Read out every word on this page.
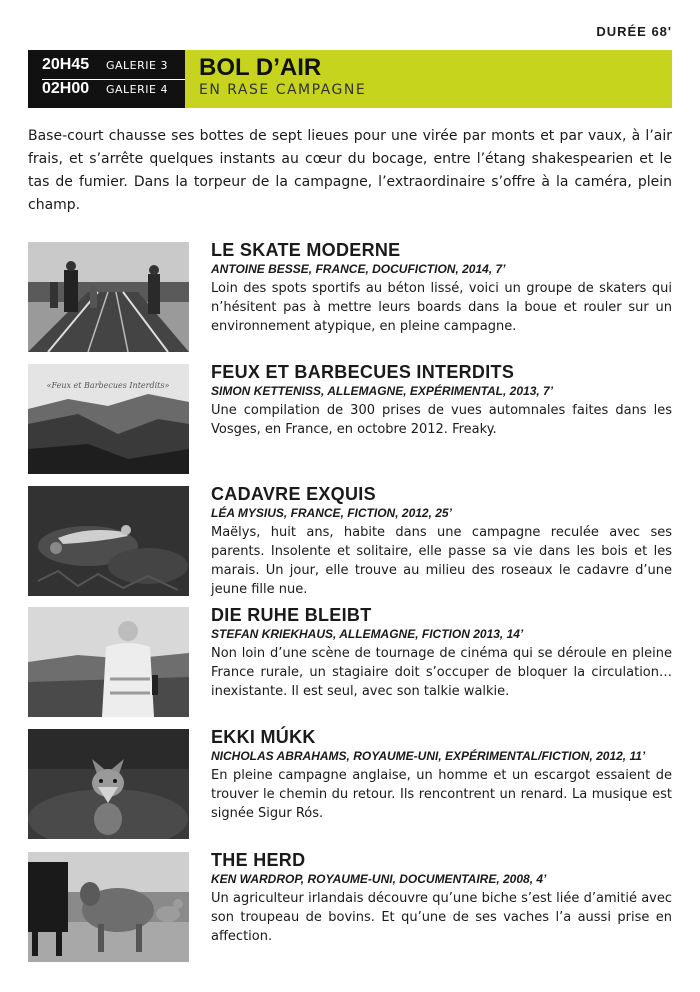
DURÉE 68'
20H45	GALERIE 3
02H00	GALERIE 4
BOL D’AIR
EN RASE CAMPAGNE

Base-court chausse ses bottes de sept lieues pour une virée par monts et par vaux, à l’air frais, et s’arrête quelques instants au cœur du bocage, entre l’étang shakespearien et le tas de fumier. Dans la torpeur de la campagne, l’extraordinaire s’offre à la caméra, plein champ.

LE SKATE MODERNE
ANTOINE BESSE, FRANCE, DOCUFICTION, 2014, 7’
Loin des spots sportifs au béton lissé, voici un groupe de skaters qui n’hésitent pas à mettre leurs boards dans la boue et rouler sur un environnement atypique, en pleine campagne.
«Feux et Barbecues Interdits»
FEUX ET BARBECUES INTERDITS
SIMON KETTENISS, ALLEMAGNE, EXPÉRIMENTAL, 2013, 7’
Une compilation de 300 prises de vues automnales faites dans les Vosges, en France, en octobre 2012. Freaky.
CADAVRE EXQUIS
LÉA MYSIUS, FRANCE, FICTION, 2012, 25’
Maëlys, huit ans, habite dans une campagne reculée avec ses parents. Insolente et solitaire, elle passe sa vie dans les bois et les marais. Un jour, elle trouve au milieu des roseaux le cadavre d’une jeune fille nue.
DIE RUHE BLEIBT
STEFAN KRIEKHAUS, ALLEMAGNE, FICTION 2013, 14’
Non loin d’une scène de tournage de cinéma qui se déroule en pleine France rurale, un stagiaire doit s’occuper de bloquer la circulation… inexistante. Il est seul, avec son talkie walkie.
EKKI MÚKK
NICHOLAS ABRAHAMS, ROYAUME-UNI, EXPÉRIMENTAL/FICTION, 2012, 11’
En pleine campagne anglaise, un homme et un escargot essaient de trouver le chemin du retour. Ils rencontrent un renard. La musique est signée Sigur Rós.
THE HERD
KEN WARDROP, ROYAUME-UNI, DOCUMENTAIRE, 2008, 4’
Un agriculteur irlandais découvre qu’une biche s’est liée d’amitié avec son troupeau de bovins. Et qu’une de ses vaches l’a aussi prise en affection.
